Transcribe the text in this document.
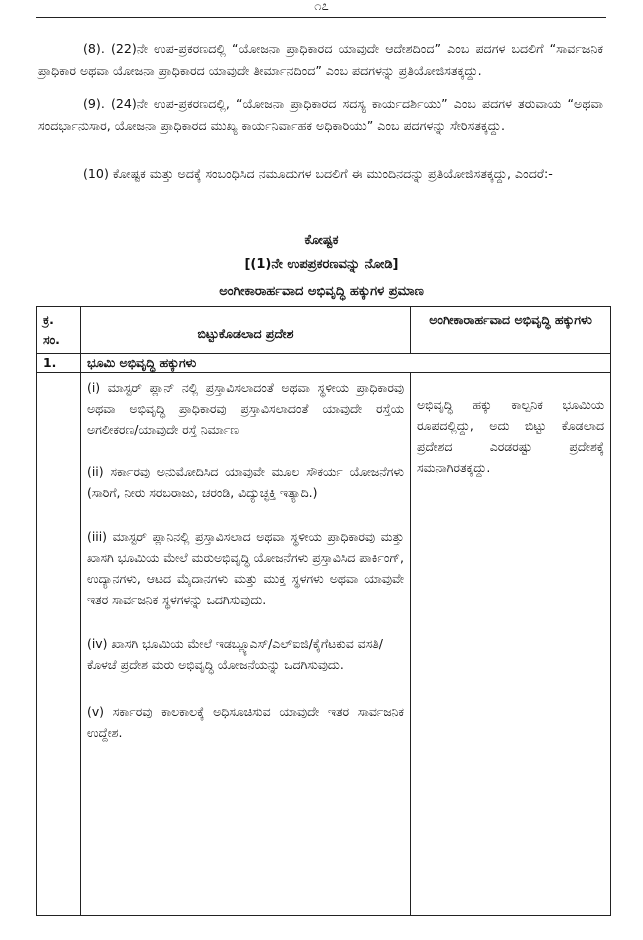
೧೭

(8). (22)ನೇ ಉಪ-ಪ್ರಕರಣದಲ್ಲಿ “ಯೋಜನಾ ಪ್ರಾಧಿಕಾರದ ಯಾವುದೇ ಆದೇಶದಿಂದ” ಎಂಬ ಪದಗಳ ಬದಲಿಗೆ “ಸಾರ್ವಜನಿಕ ಪ್ರಾಧಿಕಾರ ಅಥವಾ ಯೋಜನಾ ಪ್ರಾಧಿಕಾರದ ಯಾವುದೇ ತೀರ್ಮಾನದಿಂದ” ಎಂಬ ಪದಗಳನ್ನು ಪ್ರತಿಯೋಜಿಸತಕ್ಕದ್ದು.

(9). (24)ನೇ ಉಪ-ಪ್ರಕರಣದಲ್ಲಿ, “ಯೋಜನಾ ಪ್ರಾಧಿಕಾರದ ಸದಸ್ಯ ಕಾರ್ಯದರ್ಶಿಯು” ಎಂಬ ಪದಗಳ ತರುವಾಯ “ಅಥವಾ ಸಂದರ್ಭಾನುಸಾರ, ಯೋಜನಾ ಪ್ರಾಧಿಕಾರದ ಮುಖ್ಯ ಕಾರ್ಯನಿರ್ವಾಹಕ ಅಧಿಕಾರಿಯು” ಎಂಬ ಪದಗಳನ್ನು ಸೇರಿಸತಕ್ಕದ್ದು.

(10) ಕೋಷ್ಟಕ ಮತ್ತು ಅದಕ್ಕೆ ಸಂಬಂಧಿಸಿದ ನಮೂದುಗಳ ಬದಲಿಗೆ ಈ ಮುಂದಿನದನ್ನು ಪ್ರತಿಯೋಜಿಸತಕ್ಕದ್ದು, ಎಂದರೆ:-

ಕೋಷ್ಟಕ
[(1)ನೇ ಉಪಪ್ರಕರಣವನ್ನು ನೋಡಿ]
ಅಂಗೀಕಾರಾರ್ಹವಾದ ಅಭಿವೃದ್ಧಿ ಹಕ್ಕುಗಳ ಪ್ರಮಾಣ
ಕ್ರ. ಸಂ.	ಬಿಟ್ಟುಕೊಡಲಾದ ಪ್ರದೇಶ	ಅಂಗೀಕಾರಾರ್ಹವಾದ ಅಭಿವೃದ್ಧಿ ಹಕ್ಕುಗಳು
1.	ಭೂಮಿ ಅಭಿವೃದ್ಧಿ ಹಕ್ಕುಗಳು	

	(i) ಮಾಸ್ಟರ್ ಪ್ಲಾನ್ ನಲ್ಲಿ ಪ್ರಸ್ತಾವಿಸಲಾದಂತೆ ಅಥವಾ ಸ್ಥಳೀಯ ಪ್ರಾಧಿಕಾರವು ಅಥವಾ ಅಭಿವೃದ್ಧಿ ಪ್ರಾಧಿಕಾರವು ಪ್ರಸ್ತಾವಿಸಲಾದಂತೆ ಯಾವುದೇ ರಸ್ತೆಯ ಅಗಲೀಕರಣ/ಯಾವುದೇ ರಸ್ತೆ ನಿರ್ಮಾಣ

(ii) ಸರ್ಕಾರವು ಅನುಮೋದಿಸಿದ ಯಾವುವೇ ಮೂಲ ಸೌಕರ್ಯ ಯೋಜನೆಗಳು (ಸಾರಿಗೆ, ನೀರು ಸರಬರಾಜು, ಚರಂಡಿ, ವಿದ್ಯುಚ್ಛಕ್ತಿ ಇತ್ಯಾದಿ.)

(iii) ಮಾಸ್ಟರ್ ಪ್ಲಾನಿನಲ್ಲಿ ಪ್ರಸ್ತಾವಿಸಲಾದ ಅಥವಾ ಸ್ಥಳೀಯ ಪ್ರಾಧಿಕಾರವು ಮತ್ತು ಖಾಸಗಿ ಭೂಮಿಯ ಮೇಲೆ ಮರುಅಭಿವೃದ್ಧಿ ಯೋಜನೆಗಳು ಪ್ರಸ್ತಾವಿಸಿದ ಪಾರ್ಕಿಂಗ್, ಉದ್ಯಾನಗಳು, ಆಟದ ಮೈದಾನಗಳು ಮತ್ತು ಮುಕ್ತ ಸ್ಥಳಗಳು ಅಥವಾ ಯಾವುವೇ ಇತರ ಸಾರ್ವಜನಿಕ ಸ್ಥಳಗಳನ್ನು ಒದಗಿಸುವುದು.

(iv) ಖಾಸಗಿ ಭೂಮಿಯ ಮೇಲೆ ಇಡಬ್ಲ್ಯೂಎಸ್/ಎಲ್ಐಜಿ/ಕೈಗೆಟಕುವ ವಸತಿ/ಕೊಳಚೆ ಪ್ರದೇಶ ಮರು ಅಭಿವೃದ್ಧಿ ಯೋಜನೆಯನ್ನು ಒದಗಿಸುವುದು.

(v) ಸರ್ಕಾರವು ಕಾಲಕಾಲಕ್ಕೆ ಅಧಿಸೂಚಿಸುವ ಯಾವುದೇ ಇತರ ಸಾರ್ವಜನಿಕ ಉದ್ದೇಶ.	ಅಭಿವೃದ್ಧಿ ಹಕ್ಕು ಕಾಲ್ಪನಿಕ ಭೂಮಿಯ ರೂಪದಲ್ಲಿದ್ದು, ಅದು ಬಿಟ್ಟು ಕೊಡಲಾದ ಪ್ರದೇಶದ ಎರಡರಷ್ಟು ಪ್ರದೇಶಕ್ಕೆ ಸಮನಾಗಿರತಕ್ಕದ್ದು.
